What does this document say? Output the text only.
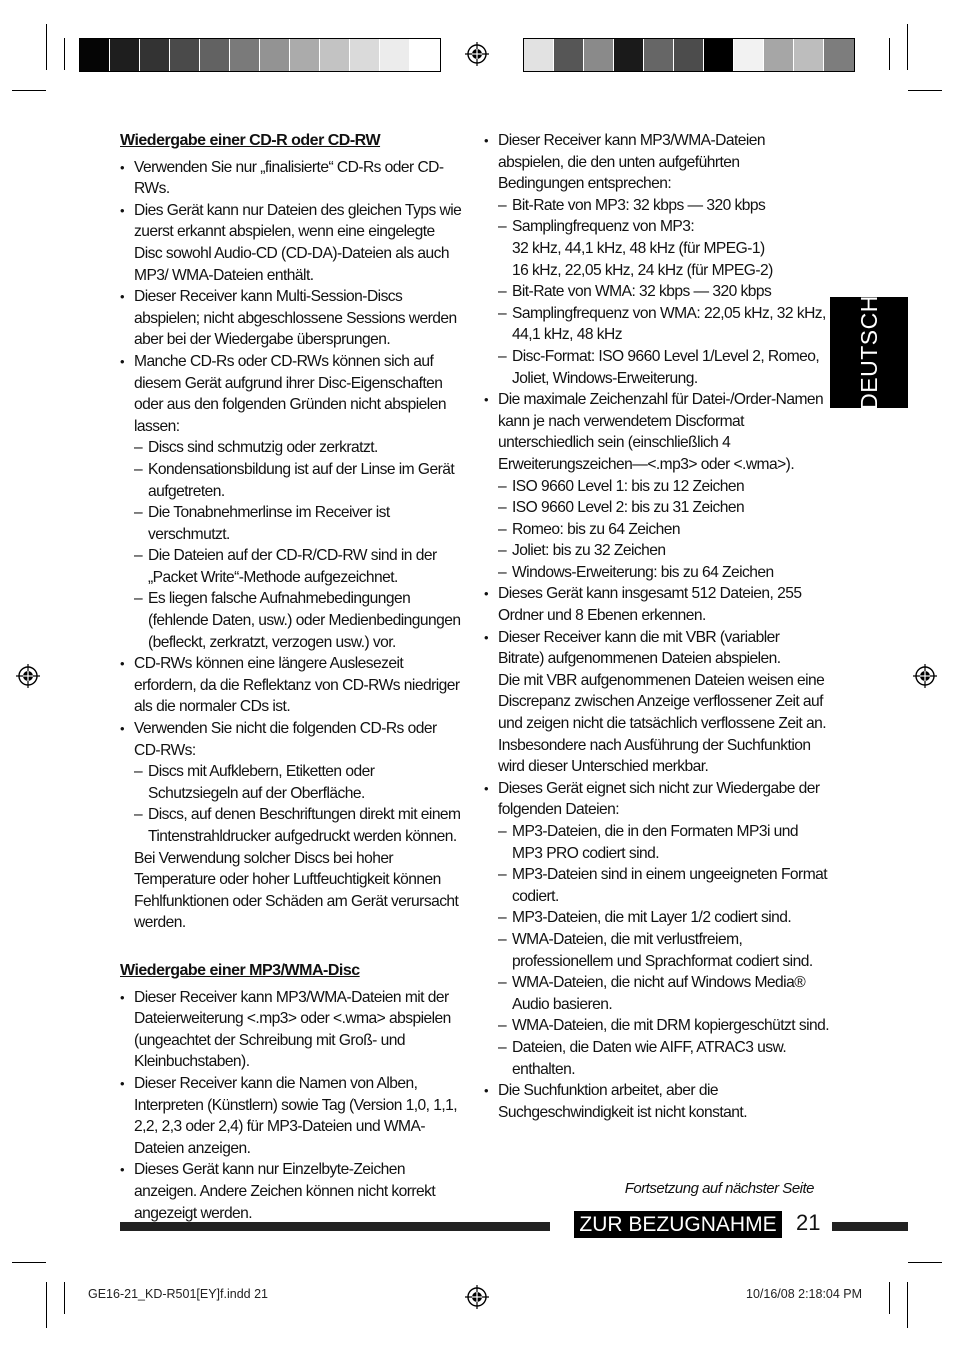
Wiedergabe einer CD-R oder CD-RW
• Verwenden Sie nur „finalisierte“ CD-Rs oder CD-RWs.
• Dies Gerät kann nur Dateien des gleichen Typs wie zuerst erkannt abspielen, wenn eine eingelegte Disc sowohl Audio-CD (CD-DA)-Dateien als auch MP3/ WMA-Dateien enthält.
• Dieser Receiver kann Multi-Session-Discs abspielen; nicht abgeschlossene Sessions werden aber bei der Wiedergabe übersprungen.
• Manche CD-Rs oder CD-RWs können sich auf diesem Gerät aufgrund ihrer Disc-Eigenschaften oder aus den folgenden Gründen nicht abspielen lassen:
– Discs sind schmutzig oder zerkratzt.
– Kondensationsbildung ist auf der Linse im Gerät aufgetreten.
– Die Tonabnehmerlinse im Receiver ist verschmutzt.
– Die Dateien auf der CD-R/CD-RW sind in der „Packet Write“-Methode aufgezeichnet.
– Es liegen falsche Aufnahmebedingungen (fehlende Daten, usw.) oder Medienbedingungen (befleckt, zerkratzt, verzogen usw.) vor.
• CD-RWs können eine längere Auslesezeit erfordern, da die Reflektanz von CD-RWs niedriger als die normaler CDs ist.
• Verwenden Sie nicht die folgenden CD-Rs oder CD-RWs:
– Discs mit Aufklebern, Etiketten oder Schutzsiegeln auf der Oberfläche.
– Discs, auf denen Beschriftungen direkt mit einem Tintenstrahldrucker aufgedruckt werden können.
Bei Verwendung solcher Discs bei hoher Temperature oder hoher Luftfeuchtigkeit können Fehlfunktionen oder Schäden am Gerät verursacht werden.
Wiedergabe einer MP3/WMA-Disc
• Dieser Receiver kann MP3/WMA-Dateien mit der Dateierweiterung <.mp3> oder <.wma> abspielen (ungeachtet der Schreibung mit Groß- und Kleinbuchstaben).
• Dieser Receiver kann die Namen von Alben, Interpreten (Künstlern) sowie Tag (Version 1,0, 1,1, 2,2, 2,3 oder 2,4) für MP3-Dateien und WMA-Dateien anzeigen.
• Dieses Gerät kann nur Einzelbyte-Zeichen anzeigen. Andere Zeichen können nicht korrekt angezeigt werden.
• Dieser Receiver kann MP3/WMA-Dateien abspielen, die den unten aufgeführten Bedingungen entsprechen:
– Bit-Rate von MP3: 32 kbps — 320 kbps
– Samplingfrequenz von MP3:
32 kHz, 44,1 kHz, 48 kHz (für MPEG-1)
16 kHz, 22,05 kHz, 24 kHz (für MPEG-2)
– Bit-Rate von WMA: 32 kbps — 320 kbps
– Samplingfrequenz von WMA: 22,05 kHz, 32 kHz, 44,1 kHz, 48 kHz
– Disc-Format: ISO 9660 Level 1/Level 2, Romeo, Joliet, Windows-Erweiterung.
• Die maximale Zeichenzahl für Datei-/Order-Namen kann je nach verwendetem Discformat unterschiedlich sein (einschließlich 4 Erweiterungszeichen—<.mp3> oder <.wma>).
– ISO 9660 Level 1: bis zu 12 Zeichen
– ISO 9660 Level 2: bis zu 31 Zeichen
– Romeo: bis zu 64 Zeichen
– Joliet: bis zu 32 Zeichen
– Windows-Erweiterung: bis zu 64 Zeichen
• Dieses Gerät kann insgesamt 512 Dateien, 255 Ordner und 8 Ebenen erkennen.
• Dieser Receiver kann die mit VBR (variabler Bitrate) aufgenommenen Dateien abspielen.
Die mit VBR aufgenommenen Dateien weisen eine Discrepanz zwischen Anzeige verflossener Zeit auf und zeigen nicht die tatsächlich verflossene Zeit an. Insbesondere nach Ausführung der Suchfunktion wird dieser Unterschied merkbar.
• Dieses Gerät eignet sich nicht zur Wiedergabe der folgenden Dateien:
– MP3-Dateien, die in den Formaten MP3i und MP3 PRO codiert sind.
– MP3-Dateien sind in einem ungeeigneten Format codiert.
– MP3-Dateien, die mit Layer 1/2 codiert sind.
– WMA-Dateien, die mit verlustfreiem, professionellem und Sprachformat codiert sind.
– WMA-Dateien, die nicht auf Windows Media® Audio basieren.
– WMA-Dateien, die mit DRM kopiergeschützt sind.
– Dateien, die Daten wie AIFF, ATRAC3 usw. enthalten.
• Die Suchfunktion arbeitet, aber die Suchgeschwindigkeit ist nicht konstant.
DEUTSCH
Fortsetzung auf nächster Seite
ZUR BEZUGNAHME 21
GE16-21_KD-R501[EY]f.indd 21	10/16/08 2:18:04 PM
